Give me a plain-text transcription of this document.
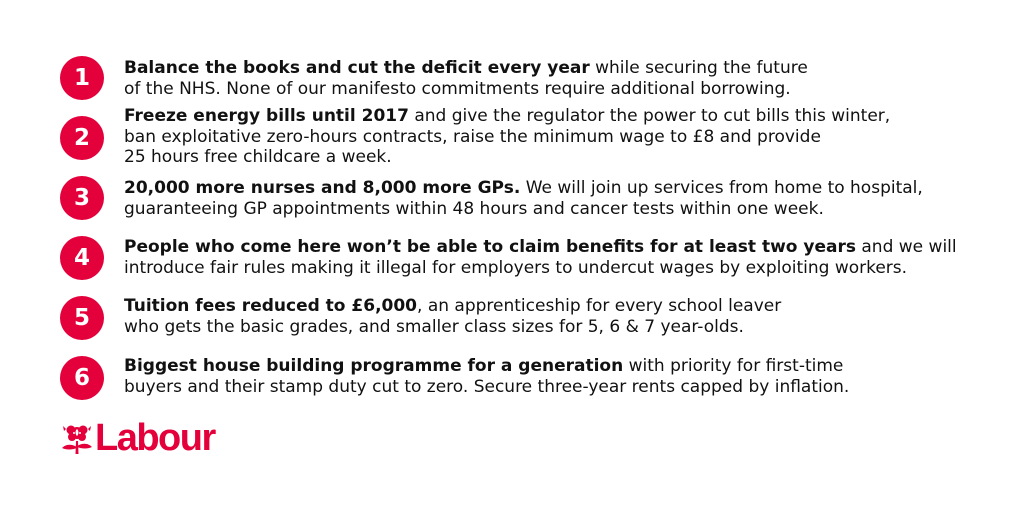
1	Balance the books and cut the deficit every year while securing the future
of the NHS. None of our manifesto commitments require additional borrowing.
2
Freeze energy bills until 2017 and give the regulator the power to cut bills this winter,
ban exploitative zero-hours contracts, raise the minimum wage to £8 and provide
25 hours free childcare a week.
3	20,000 more nurses and 8,000 more GPs. We will join up services from home to hospital,
guaranteeing GP appointments within 48 hours and cancer tests within one week.
4	People who come here won’t be able to claim benefits for at least two years and we will
introduce fair rules making it illegal for employers to undercut wages by exploiting workers.
5	Tuition fees reduced to £6,000, an apprenticeship for every school leaver
who gets the basic grades, and smaller class sizes for 5, 6 & 7 year-olds.
6	Biggest house building programme for a generation with priority for first-time
buyers and their stamp duty cut to zero. Secure three-year rents capped by inflation.
Labour
